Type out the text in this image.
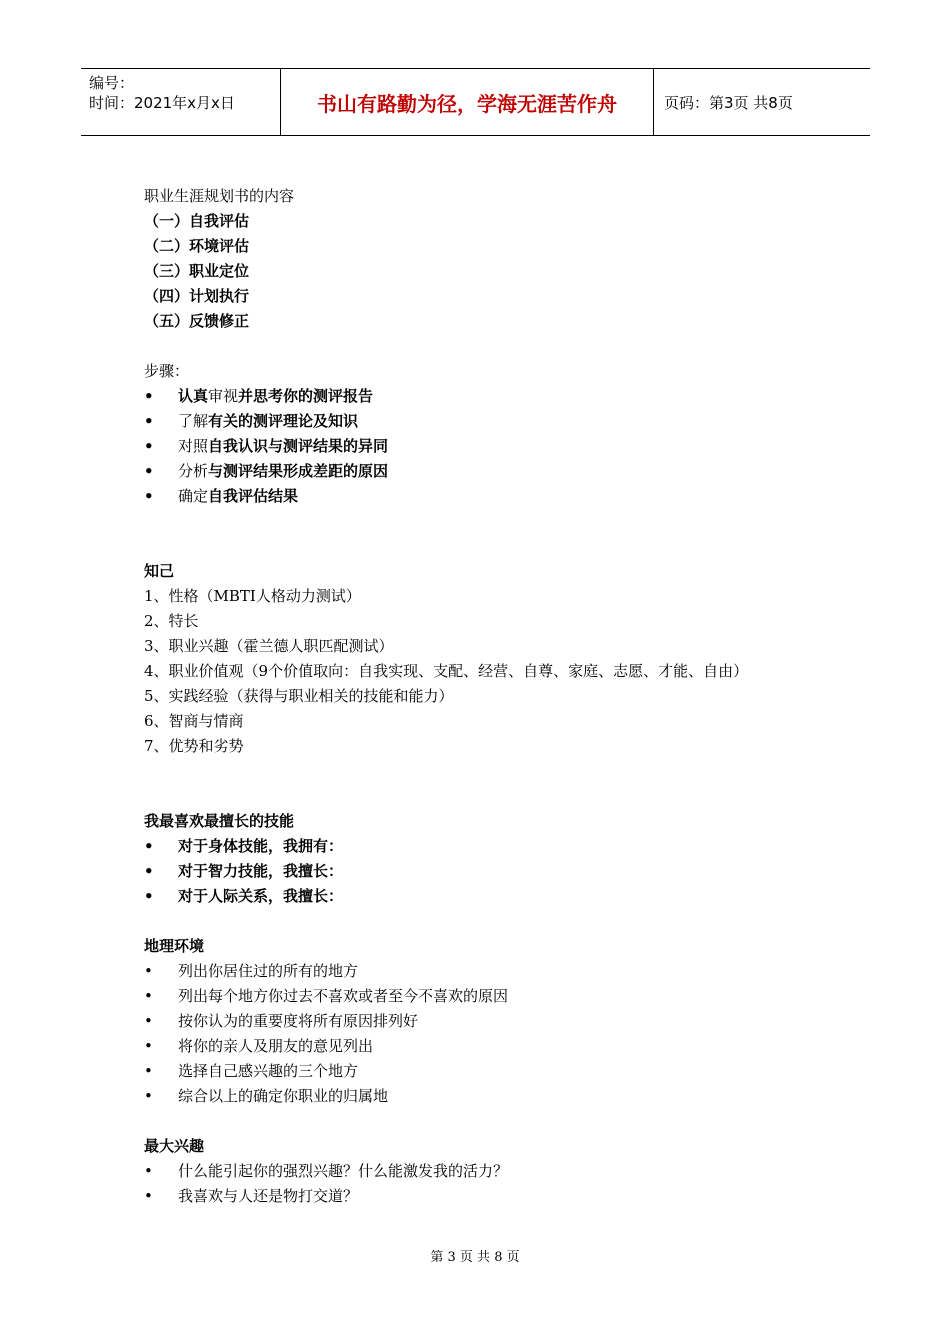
编号：
时间：2021年x月x日	书山有路勤为径，学海无涯苦作舟	页码：第3页 共8页
职业生涯规划书的内容
（一）自我评估
（二）环境评估
（三）职业定位
（四）计划执行
（五）反馈修正
步骤：
•	认真审视并思考你的测评报告
•	了解有关的测评理论及知识
•	对照自我认识与测评结果的异同
•	分析与测评结果形成差距的原因
•	确定自我评估结果
知己
1、性格（MBTI人格动力测试）
2、特长
3、职业兴趣（霍兰德人职匹配测试）
4、职业价值观（9个价值取向：自我实现、支配、经营、自尊、家庭、志愿、才能、自由）
5、实践经验（获得与职业相关的技能和能力）
6、智商与情商
7、优势和劣势
我最喜欢最擅长的技能
•	对于身体技能，我拥有：
•	对于智力技能，我擅长：
•	对于人际关系，我擅长：
地理环境
•	列出你居住过的所有的地方
•	列出每个地方你过去不喜欢或者至今不喜欢的原因
•	按你认为的重要度将所有原因排列好
•	将你的亲人及朋友的意见列出
•	选择自己感兴趣的三个地方
•	综合以上的确定你职业的归属地
最大兴趣
•	什么能引起你的强烈兴趣？什么能激发我的活力？
•	我喜欢与人还是物打交道？
第 3 页 共 8 页
